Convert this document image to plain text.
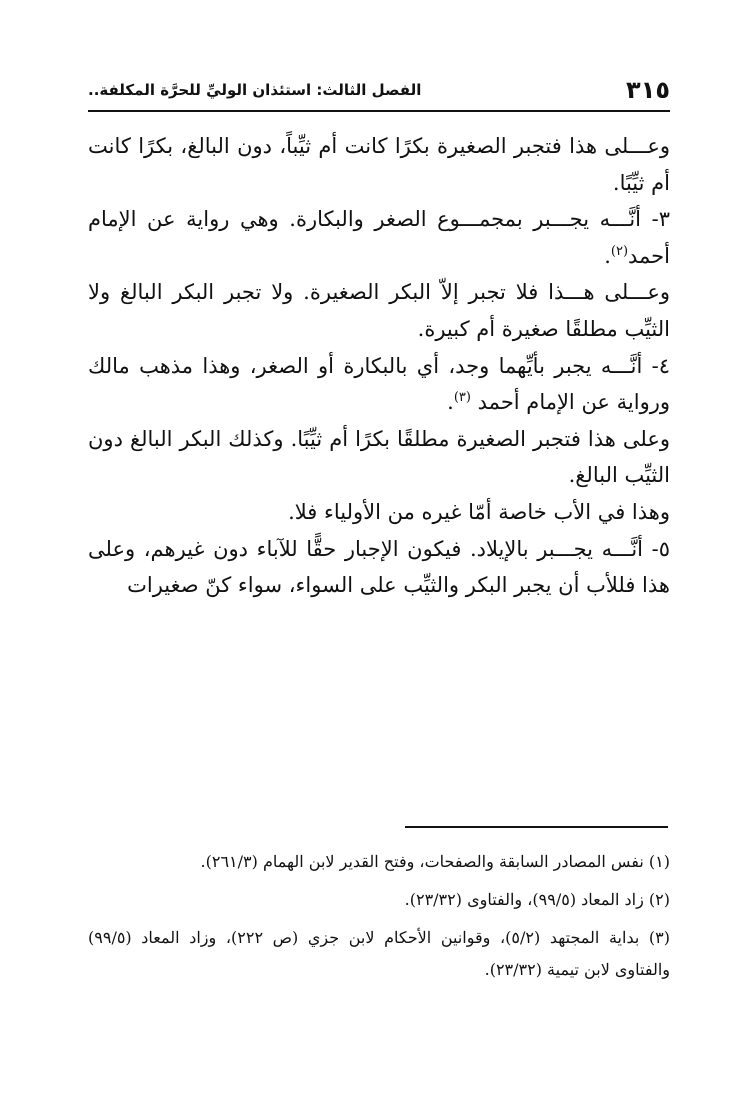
٣١٥
الفصل الثالث: استئذان الوليِّ للحرَّة المكلفة..

وعـــلى هذا فتجبر الصغيرة بكرًا كانت أم ثيِّباً، دون البالغ، بكرًا كانت أم ثيِّبًا.

٣- أنَّـــه يجـــبر بمجمـــوع الصغر والبكارة. وهي رواية عن الإمام أحمد$^{(٢)}$.

وعـــلى هـــذا فلا تجبر إلاّ البكر الصغيرة. ولا تجبر البكر البالغ ولا الثيِّب مطلقًا صغيرة أم كبيرة.

٤- أنَّـــه يجبر بأيِّهما وجد، أي بالبكارة أو الصغر، وهذا مذهب مالك ورواية عن الإمام أحمد $^{(٣)}$.

وعلى هذا فتجبر الصغيرة مطلقًا بكرًا أم ثيِّبًا. وكذلك البكر البالغ دون الثيِّب البالغ.

وهذا في الأب خاصة أمّا غيره من الأولياء فلا.

٥- أنَّـــه يجـــبر بالإيلاد. فيكون الإجبار حقًّا للآباء دون غيرهم، وعلى هذا فللأب أن يجبر البكر والثيِّب على السواء، سواء كنّ صغيرات

(١) نفس المصادر السابقة والصفحات، وفتح القدير لابن الهمام (٢٦١/٣).

(٢) زاد المعاد (٩٩/٥)، والفتاوى (٢٣/٣٢).

(٣) بداية المجتهد (٥/٢)، وقوانين الأحكام لابن جزي (ص ٢٢٢)، وزاد المعاد (٩٩/٥) والفتاوى لابن تيمية (٢٣/٣٢).
